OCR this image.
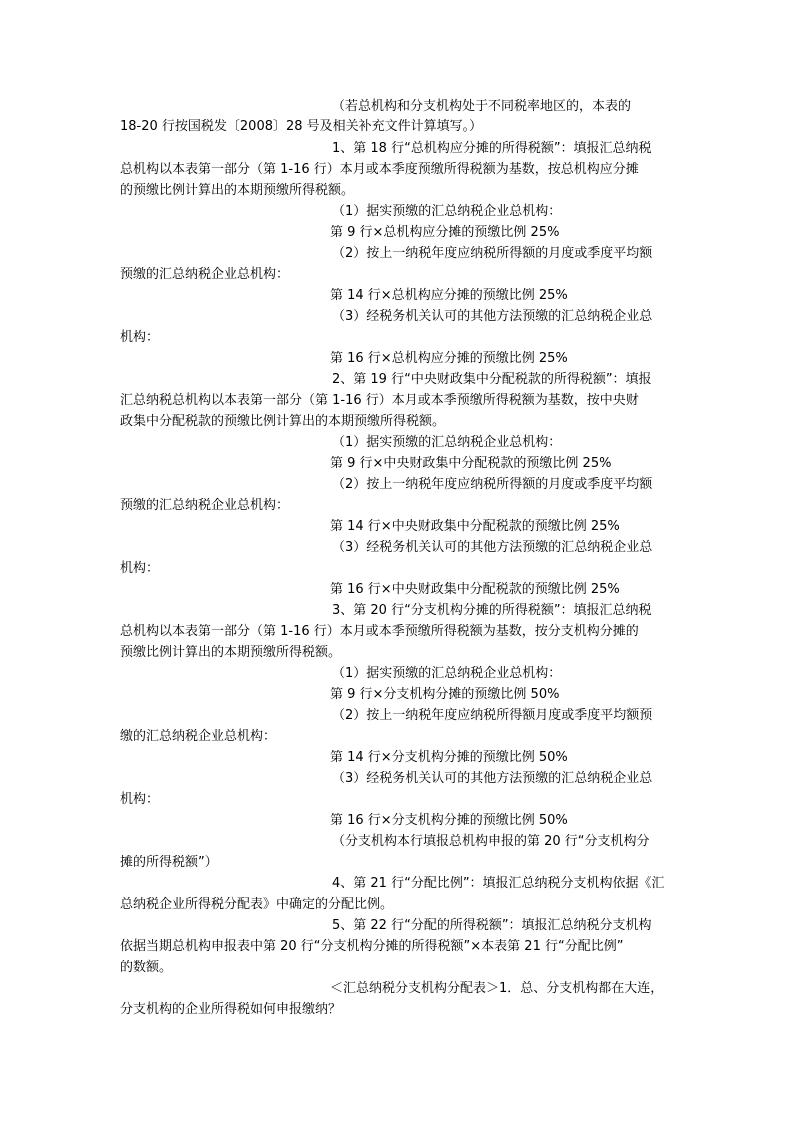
（若总机构和分支机构处于不同税率地区的，本表的
18-20 行按国税发〔2008〕28 号及相关补充文件计算填写。）
1、第 18 行“总机构应分摊的所得税额”：填报汇总纳税
总机构以本表第一部分（第 1-16 行）本月或本季度预缴所得税额为基数，按总机构应分摊
的预缴比例计算出的本期预缴所得税额。
（1）据实预缴的汇总纳税企业总机构：
第 9 行×总机构应分摊的预缴比例 25%
（2）按上一纳税年度应纳税所得额的月度或季度平均额
预缴的汇总纳税企业总机构：
第 14 行×总机构应分摊的预缴比例 25%
（3）经税务机关认可的其他方法预缴的汇总纳税企业总
机构：
第 16 行×总机构应分摊的预缴比例 25%
2、第 19 行“中央财政集中分配税款的所得税额”：填报
汇总纳税总机构以本表第一部分（第 1-16 行）本月或本季预缴所得税额为基数，按中央财
政集中分配税款的预缴比例计算出的本期预缴所得税额。
（1）据实预缴的汇总纳税企业总机构：
第 9 行×中央财政集中分配税款的预缴比例 25%
（2）按上一纳税年度应纳税所得额的月度或季度平均额
预缴的汇总纳税企业总机构：
第 14 行×中央财政集中分配税款的预缴比例 25%
（3）经税务机关认可的其他方法预缴的汇总纳税企业总
机构：
第 16 行×中央财政集中分配税款的预缴比例 25%
3、第 20 行“分支机构分摊的所得税额”：填报汇总纳税
总机构以本表第一部分（第 1-16 行）本月或本季预缴所得税额为基数，按分支机构分摊的
预缴比例计算出的本期预缴所得税额。
（1）据实预缴的汇总纳税企业总机构：
第 9 行×分支机构分摊的预缴比例 50%
（2）按上一纳税年度应纳税所得额月度或季度平均额预
缴的汇总纳税企业总机构：
第 14 行×分支机构分摊的预缴比例 50%
（3）经税务机关认可的其他方法预缴的汇总纳税企业总
机构：
第 16 行×分支机构分摊的预缴比例 50%
（分支机构本行填报总机构申报的第 20 行“分支机构分
摊的所得税额”）
4、第 21 行“分配比例”：填报汇总纳税分支机构依据《汇
总纳税企业所得税分配表》中确定的分配比例。
5、第 22 行“分配的所得税额”：填报汇总纳税分支机构
依据当期总机构申报表中第 20 行“分支机构分摊的所得税额”×本表第 21 行“分配比例”
的数额。
＜汇总纳税分支机构分配表＞1．总、分支机构都在大连，
分支机构的企业所得税如何申报缴纳？
